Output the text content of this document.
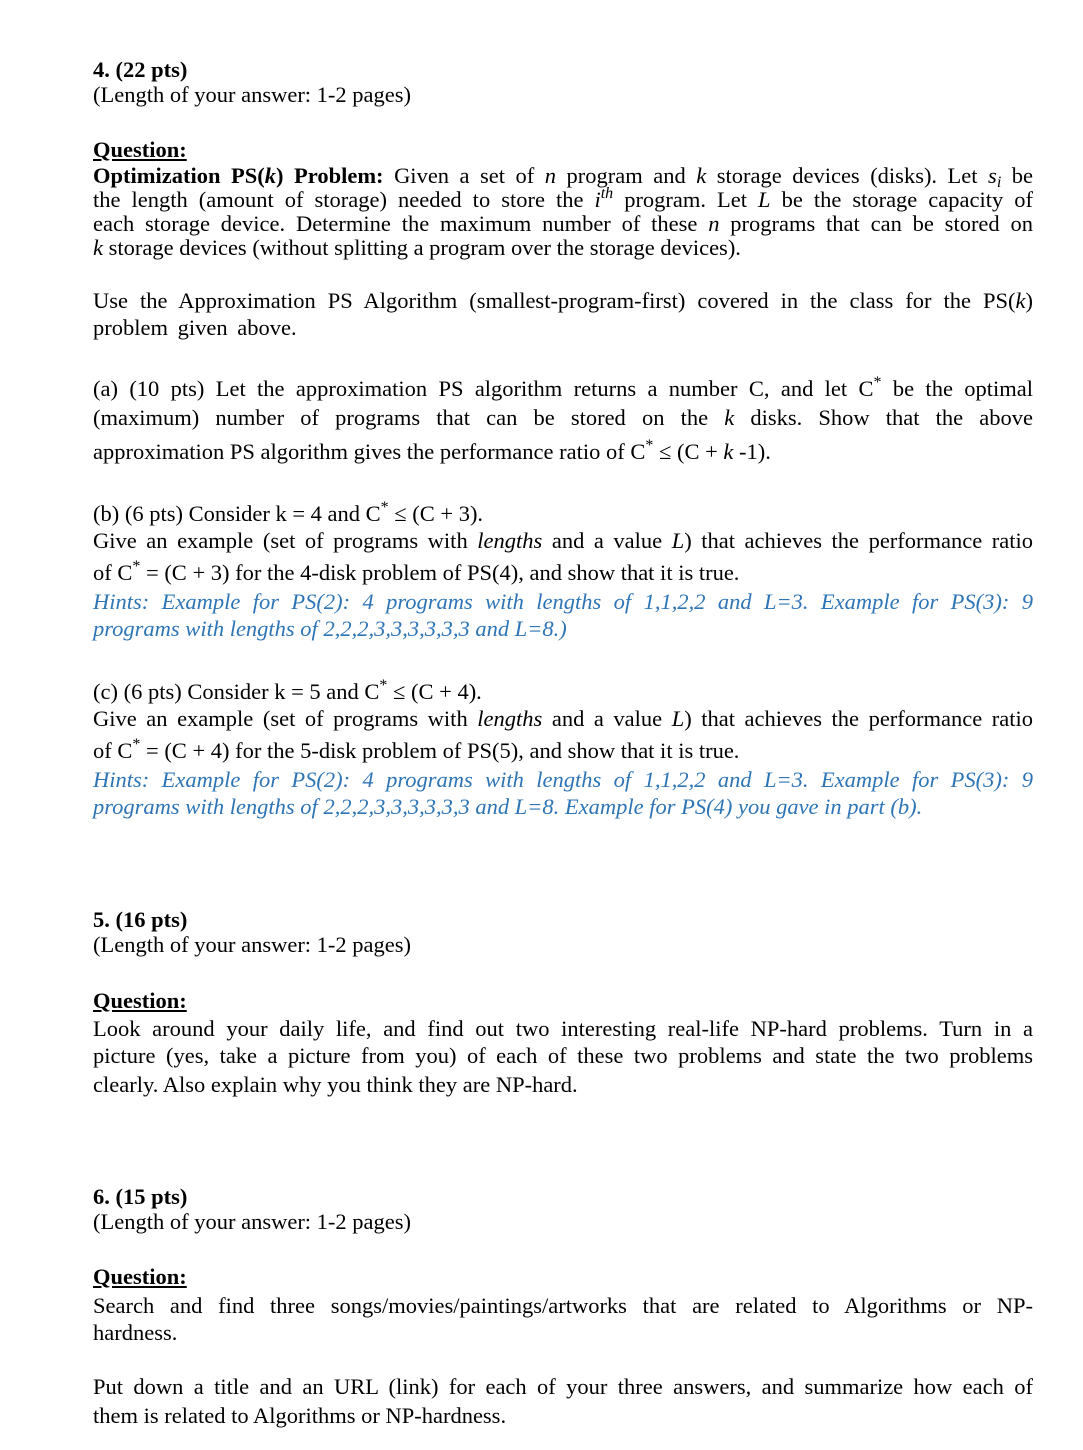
4. (22 pts)
(Length of your answer: 1-2 pages)
Question:
Optimization PS(k) Problem: Given a set of n program and k storage devices (disks). Let $s_i$ be
the length (amount of storage) needed to store the $i^{th}$ program. Let L be the storage capacity of
each storage device. Determine the maximum number of these n programs that can be stored on
k storage devices (without splitting a program over the storage devices).
Use the Approximation PS Algorithm (smallest-program-first) covered in the class for the PS(k)
problem given above.
(a) (10 pts) Let the approximation PS algorithm returns a number C, and let C* be the optimal
(maximum) number of programs that can be stored on the k disks. Show that the above
approximation PS algorithm gives the performance ratio of C* ≤ (C + k -1).
(b) (6 pts) Consider k = 4 and C* ≤ (C + 3).
Give an example (set of programs with lengths and a value L) that achieves the performance ratio
of C* = (C + 3) for the 4-disk problem of PS(4), and show that it is true.
Hints: Example for PS(2): 4 programs with lengths of 1,1,2,2 and L=3. Example for PS(3): 9
programs with lengths of 2,2,2,3,3,3,3,3,3 and L=8.)
(c) (6 pts) Consider k = 5 and C* ≤ (C + 4).
Give an example (set of programs with lengths and a value L) that achieves the performance ratio
of C* = (C + 4) for the 5-disk problem of PS(5), and show that it is true.
Hints: Example for PS(2): 4 programs with lengths of 1,1,2,2 and L=3. Example for PS(3): 9
programs with lengths of 2,2,2,3,3,3,3,3,3 and L=8. Example for PS(4) you gave in part (b).
5. (16 pts)
(Length of your answer: 1-2 pages)
Question:
Look around your daily life, and find out two interesting real-life NP-hard problems. Turn in a
picture (yes, take a picture from you) of each of these two problems and state the two problems
clearly. Also explain why you think they are NP-hard.
6. (15 pts)
(Length of your answer: 1-2 pages)
Question:
Search and find three songs/movies/paintings/artworks that are related to Algorithms or NP-
hardness.
Put down a title and an URL (link) for each of your three answers, and summarize how each of
them is related to Algorithms or NP-hardness.
